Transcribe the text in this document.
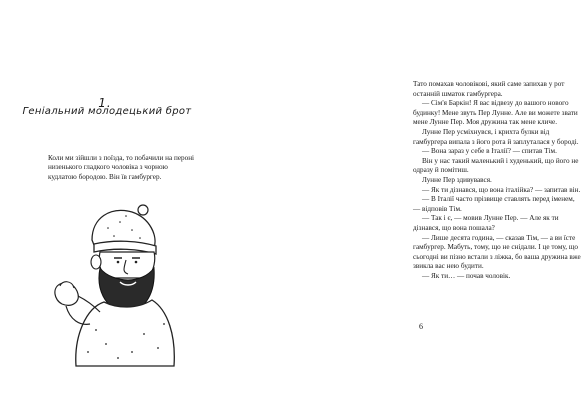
1.
Геніальний молодецький брот
Коли ми зійшли з поїзда, то побачили на пероні низенького гладкого чоловіка з чорною кудлатою бородою. Він їв гамбургер.

Тато помахав чоловікові, який саме запихав у рот останній шматок гамбургера.

— Сім'я Баркін! Я вас відвезу до вашого нового будинку! Мене звуть Пер Лунне. Але ви можете звати мене Лунне Пер. Моя дружина так мене кличе.

Лунне Пер усміхнувся, і крихта булки від гамбургера випала з його рота й заплуталася у бороді.

— Вона зараз у себе в Італії? — спитав Тім.

Він у нас такий маленький і худенький, що його не одразу й помітиш.

Лунне Пер здивувався.

— Як ти дізнався, що вона італійка? — запитав він.

— В Італії часто прізвище ставлять перед іменем, — відповів Тім.

— Так і є, — мовив Лунне Пер. — Але як ти дізнався, що вона пошала?

— Лише десята година, — сказав Тім, — а ви їсте гамбургер. Мабуть, тому, що не снідали. І це тому, що сьогодні ви пізно встали з ліжка, бо ваша дружина вже звикла вас нею будити.

— Як ти… — почав чоловік.

6
